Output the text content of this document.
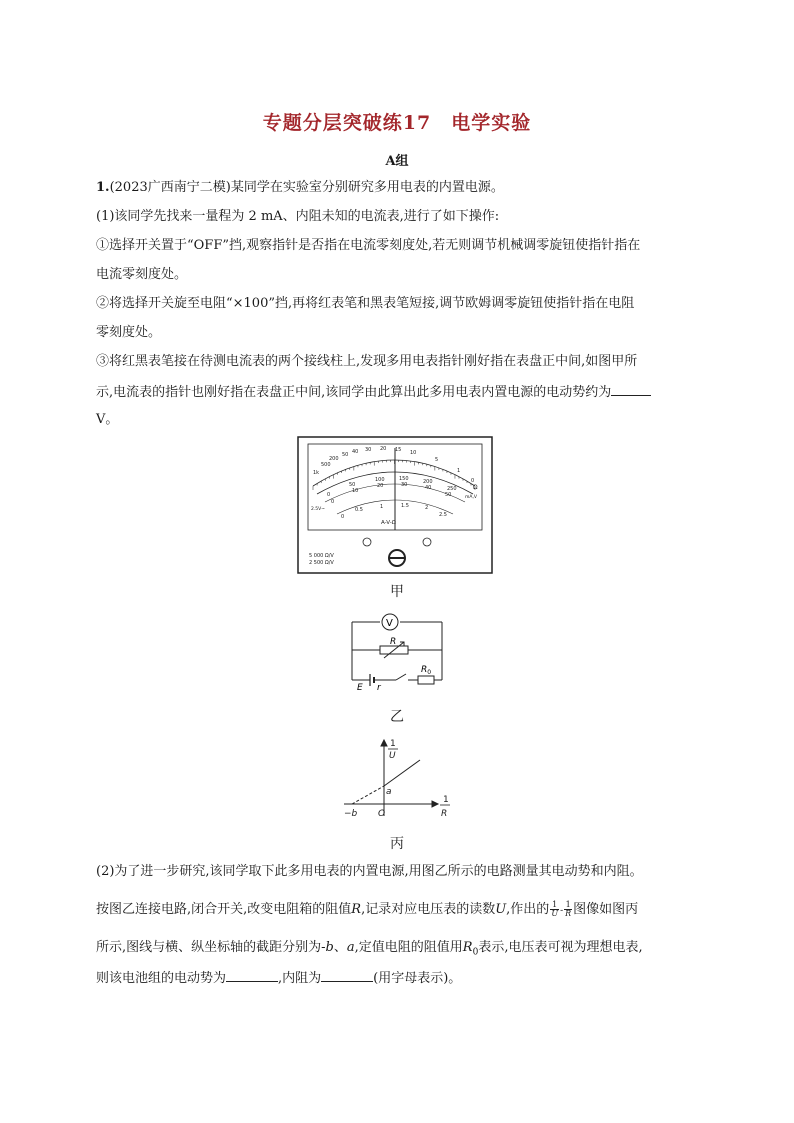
专题分层突破练17　电学实验
A组
1.(2023广西南宁二模)某同学在实验室分别研究多用电表的内置电源。
(1)该同学先找来一量程为 2 mA、内阻未知的电流表,进行了如下操作:
①选择开关置于“OFF”挡,观察指针是否指在电流零刻度处,若无则调节机械调零旋钮使指针指在
电流零刻度处。
②将选择开关旋至电阻“×100”挡,再将红表笔和黑表笔短接,调节欧姆调零旋钮使指针指在电阻
零刻度处。
③将红黑表笔接在待测电流表的两个接线柱上,发现多用电表指针刚好指在表盘正中间,如图甲所
示,电流表的指针也刚好指在表盘正中间,该同学由此算出此多用电表内置电源的电动势约为
V。
1k
500
200
50 40 30 20 15 10
5
1
0
Ω
mA,V
0
50
100	150	200
250
0
10
20	30	40
50
2.5V~
0
0.5	1	1.5	2
2.5
A-V-Ω
5 000 Ω/V
2 500 Ω/V
甲
V
R
$R_0$
E r
乙
1
U
1
R
O
−b
a
丙
(2)为了进一步研究,该同学取下此多用电表的内置电源,用图乙所示的电路测量其电动势和内阻。
按图乙连接电路,闭合开关,改变电阻箱的阻值R,记录对应电压表的读数U,作出的 $\frac{1}{U} - \frac{1}{R}$ 图像如图丙
所示,图线与横、纵坐标轴的截距分别为-b、a,定值电阻的阻值用$R_0$表示,电压表可视为理想电表,
则该电池组的电动势为	,内阻为	(用字母表示)。
